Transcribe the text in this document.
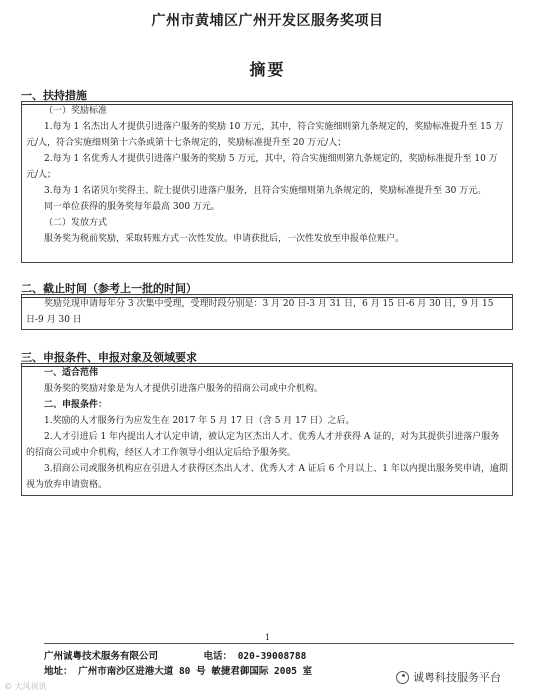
广州市黄埔区广州开发区服务奖项目
摘要
一、扶持措施

（一）奖励标准

1.每为 1 名杰出人才提供引进落户服务的奖励 10 万元，其中，符合实施细则第九条规定的，奖励标准提升至 15 万元/人，符合实施细则第十六条或第十七条规定的，奖励标准提升至 20 万元/人；

2.每为 1 名优秀人才提供引进落户服务的奖励 5 万元，其中，符合实施细则第九条规定的，奖励标准提升至 10 万元/人；

3.每为 1 名诺贝尔奖得主、院士提供引进落户服务，且符合实施细则第九条规定的，奖励标准提升至 30 万元。

同一单位获得的服务奖每年最高 300 万元。

（二）发放方式

服务奖为税前奖励，采取转账方式一次性发放。申请获批后，一次性发放至申报单位账户。

二、截止时间（参考上一批的时间）

奖励兑现申请每年分 3 次集中受理，受理时段分别是：3 月 20 日-3 月 31 日，6 月 15 日-6 月 30 日，9 月 15 日-9 月 30 日

三、申报条件、申报对象及领域要求

一、适合范伟

服务奖的奖励对象是为人才提供引进落户服务的招商公司或中介机构。

二、申报条件：

1.奖励的人才服务行为应发生在 2017 年 5 月 17 日（含 5 月 17 日）之后。

2.人才引进后 1 年内提出人才认定申请，被认定为区杰出人才、优秀人才并获得 A 证的，对为其提供引进落户服务的招商公司或中介机构，经区人才工作领导小组认定后给予服务奖。

3.招商公司或服务机构应在引进人才获得区杰出人才、优秀人才 A 证后 6 个月以上、1 年以内提出服务奖申请，逾期视为放弃申请资格。

1
广州诚粤技术服务有限公司	电话： 020-39008788
地址： 广州市南沙区进港大道 80 号 敏捷君御国际 2005 室
© 大风视讯
诚粤科技服务平台
